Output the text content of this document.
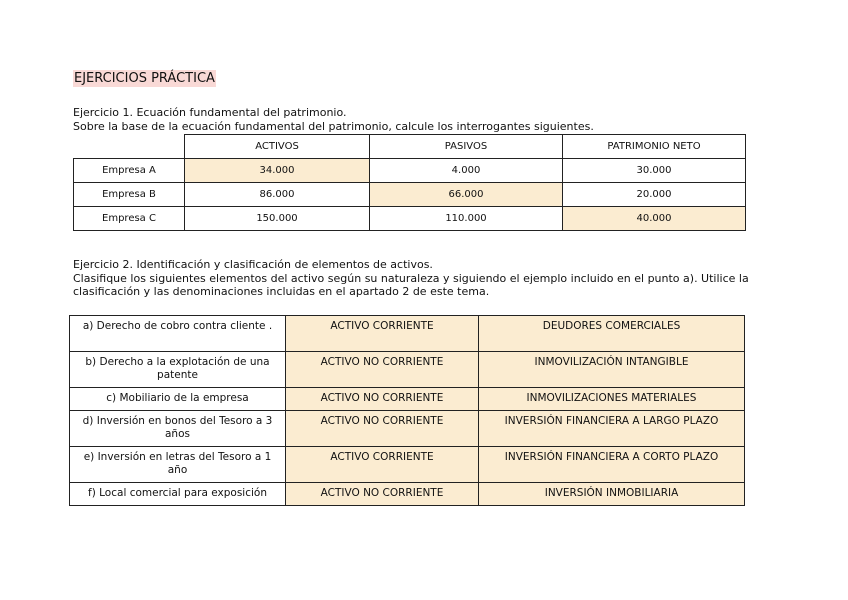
EJERCICIOS PRÁCTICA
Ejercicio 1. Ecuación fundamental del patrimonio.
Sobre la base de la ecuación fundamental del patrimonio, calcule los interrogantes siguientes.
	ACTIVOS	PASIVOS	PATRIMONIO NETO
Empresa A	34.000	4.000	30.000
Empresa B	86.000	66.000	20.000
Empresa C	150.000	110.000	40.000
Ejercicio 2. Identificación y clasificación de elementos de activos.
Clasifique los siguientes elementos del activo según su naturaleza y siguiendo el ejemplo incluido en el punto a). Utilice la clasificación y las denominaciones incluidas en el apartado 2 de este tema.
a) Derecho de cobro contra cliente .	ACTIVO CORRIENTE	DEUDORES COMERCIALES
b) Derecho a la explotación de una patente	ACTIVO NO CORRIENTE	INMOVILIZACIÓN INTANGIBLE
c) Mobiliario de la empresa	ACTIVO NO CORRIENTE	INMOVILIZACIONES MATERIALES
d) Inversión en bonos del Tesoro a 3 años	ACTIVO NO CORRIENTE	INVERSIÓN FINANCIERA A LARGO PLAZO
e) Inversión en letras del Tesoro a 1 año	ACTIVO CORRIENTE	INVERSIÓN FINANCIERA A CORTO PLAZO
f) Local comercial para exposición	ACTIVO NO CORRIENTE	INVERSIÓN INMOBILIARIA
